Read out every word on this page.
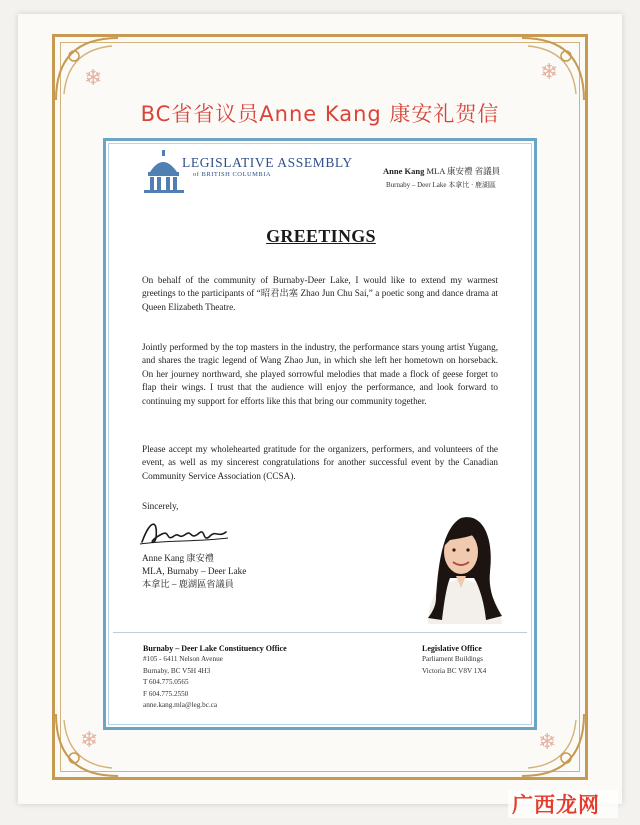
❄	❄
❄	❄
BC省省议员Anne Kang 康安礼贺信
LEGISLATIVE ASSEMBLY
of BRITISH COLUMBIA	Anne Kang MLA 康安禮 省議員
Burnaby – Deer Lake 本拿比 · 鹿湖區
GREETINGS

On behalf of the community of Burnaby-Deer Lake, I would like to extend my warmest greetings to the participants of “昭君出塞 Zhao Jun Chu Sai,” a poetic song and dance drama at Queen Elizabeth Theatre.

Jointly performed by the top masters in the industry, the performance stars young artist Yugang, and shares the tragic legend of Wang Zhao Jun, in which she left her hometown on horseback. On her journey northward, she played sorrowful melodies that made a flock of geese forget to flap their wings. I trust that the audience will enjoy the performance, and look forward to continuing my support for efforts like this that bring our community together.

Please accept my wholehearted gratitude for the organizers, performers, and volunteers of the event, as well as my sincerest congratulations for another successful event by the Canadian Community Service Association (CCSA).

Sincerely,
Anne Kang 康安禮
MLA, Burnaby – Deer Lake
本拿比 – 鹿湖區省議員
Burnaby – Deer Lake Constituency Office
#105 - 6411 Nelson Avenue
Burnaby, BC V5H 4H3
T 604.775.0565
F 604.775.2550
anne.kang.mla@leg.bc.ca
Legislative Office
Parliament Buildings
Victoria BC V8V 1X4
广西龙网
